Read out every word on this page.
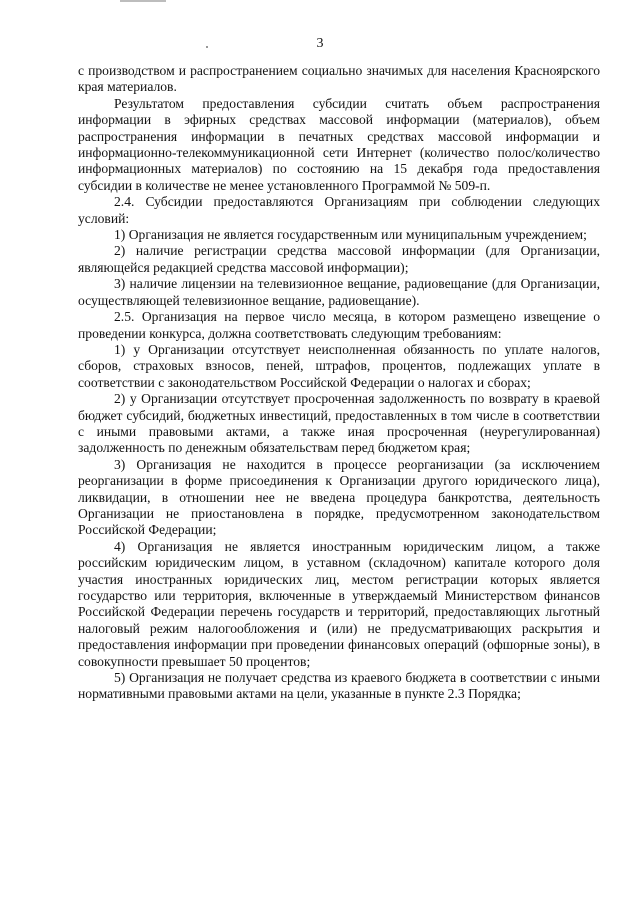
3

с производством и распространением социально значимых для населения Красноярского края материалов.

Результатом предоставления субсидии считать объем распространения информации в эфирных средствах массовой информации (материалов), объем распространения информации в печатных средствах массовой информации и информационно-телекоммуникационной сети Интернет (количество полос/количество информационных материалов) по состоянию на 15 декабря года предоставления субсидии в количестве не менее установленного Программой № 509-п.

2.4. Субсидии предоставляются Организациям при соблюдении следующих условий:

1) Организация не является государственным или муниципальным учреждением;

2) наличие регистрации средства массовой информации (для Организации, являющейся редакцией средства массовой информации);

3) наличие лицензии на телевизионное вещание, радиовещание (для Организации, осуществляющей телевизионное вещание, радиовещание).

2.5. Организация на первое число месяца, в котором размещено извещение о проведении конкурса, должна соответствовать следующим требованиям:

1) у Организации отсутствует неисполненная обязанность по уплате налогов, сборов, страховых взносов, пеней, штрафов, процентов, подлежащих уплате в соответствии с законодательством Российской Федерации о налогах и сборах;

2) у Организации отсутствует просроченная задолженность по возврату в краевой бюджет субсидий, бюджетных инвестиций, предоставленных в том числе в соответствии с иными правовыми актами, а также иная просроченная (неурегулированная) задолженность по денежным обязательствам перед бюджетом края;

3) Организация не находится в процессе реорганизации (за исключением реорганизации в форме присоединения к Организации другого юридического лица), ликвидации, в отношении нее не введена процедура банкротства, деятельность Организации не приостановлена в порядке, предусмотренном законодательством Российской Федерации;

4) Организация не является иностранным юридическим лицом, а также российским юридическим лицом, в уставном (складочном) капитале которого доля участия иностранных юридических лиц, местом регистрации которых является государство или территория, включенные в утверждаемый Министерством финансов Российской Федерации перечень государств и территорий, предоставляющих льготный налоговый режим налогообложения и (или) не предусматривающих раскрытия и предоставления информации при проведении финансовых операций (офшорные зоны), в совокупности превышает 50 процентов;

5) Организация не получает средства из краевого бюджета в соответствии с иными нормативными правовыми актами на цели, указанные в пункте 2.3 Порядка;
